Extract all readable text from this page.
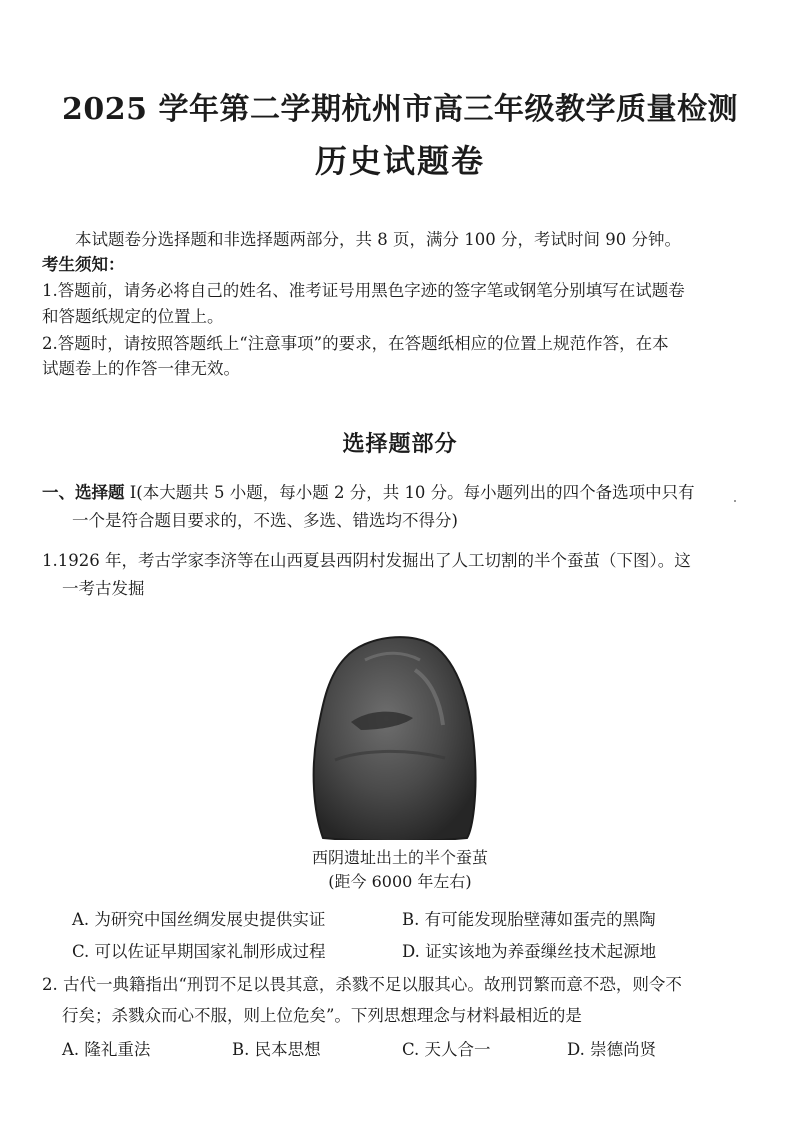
2025 学年第二学期杭州市高三年级教学质量检测
历史试题卷
本试题卷分选择题和非选择题两部分，共 8 页，满分 100 分，考试时间 90 分钟。
考生须知：
1.答题前，请务必将自己的姓名、准考证号用黑色字迹的签字笔或钢笔分别填写在试题卷
和答题纸规定的位置上。
2.答题时，请按照答题纸上“注意事项”的要求，在答题纸相应的位置上规范作答，在本
试题卷上的作答一律无效。
选择题部分
一、选择题 Ⅰ(本大题共 5 小题，每小题 2 分，共 10 分。每小题列出的四个备选项中只有
一个是符合题目要求的，不选、多选、错选均不得分)
1.1926 年，考古学家李济等在山西夏县西阴村发掘出了人工切割的半个蚕茧（下图）。这
一考古发掘
西阴遗址出土的半个蚕茧
(距今 6000 年左右)
A. 为研究中国丝绸发展史提供实证	B. 有可能发现胎壁薄如蛋壳的黑陶
C. 可以佐证早期国家礼制形成过程	D. 证实该地为养蚕缫丝技术起源地
2. 古代一典籍指出“刑罚不足以畏其意，杀戮不足以服其心。故刑罚繁而意不恐，则令不
行矣；杀戮众而心不服，则上位危矣”。下列思想理念与材料最相近的是
A. 隆礼重法	B. 民本思想	C. 天人合一	D. 崇德尚贤
